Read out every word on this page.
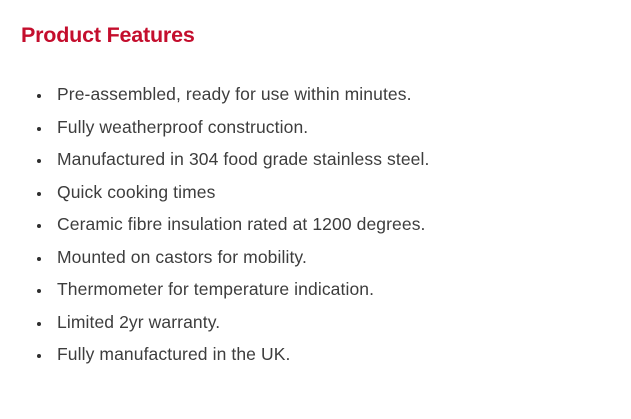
Product Features
• Pre-assembled, ready for use within minutes.
• Fully weatherproof construction.
• Manufactured in 304 food grade stainless steel.
• Quick cooking times
• Ceramic fibre insulation rated at 1200 degrees.
• Mounted on castors for mobility.
• Thermometer for temperature indication.
• Limited 2yr warranty.
• Fully manufactured in the UK.
